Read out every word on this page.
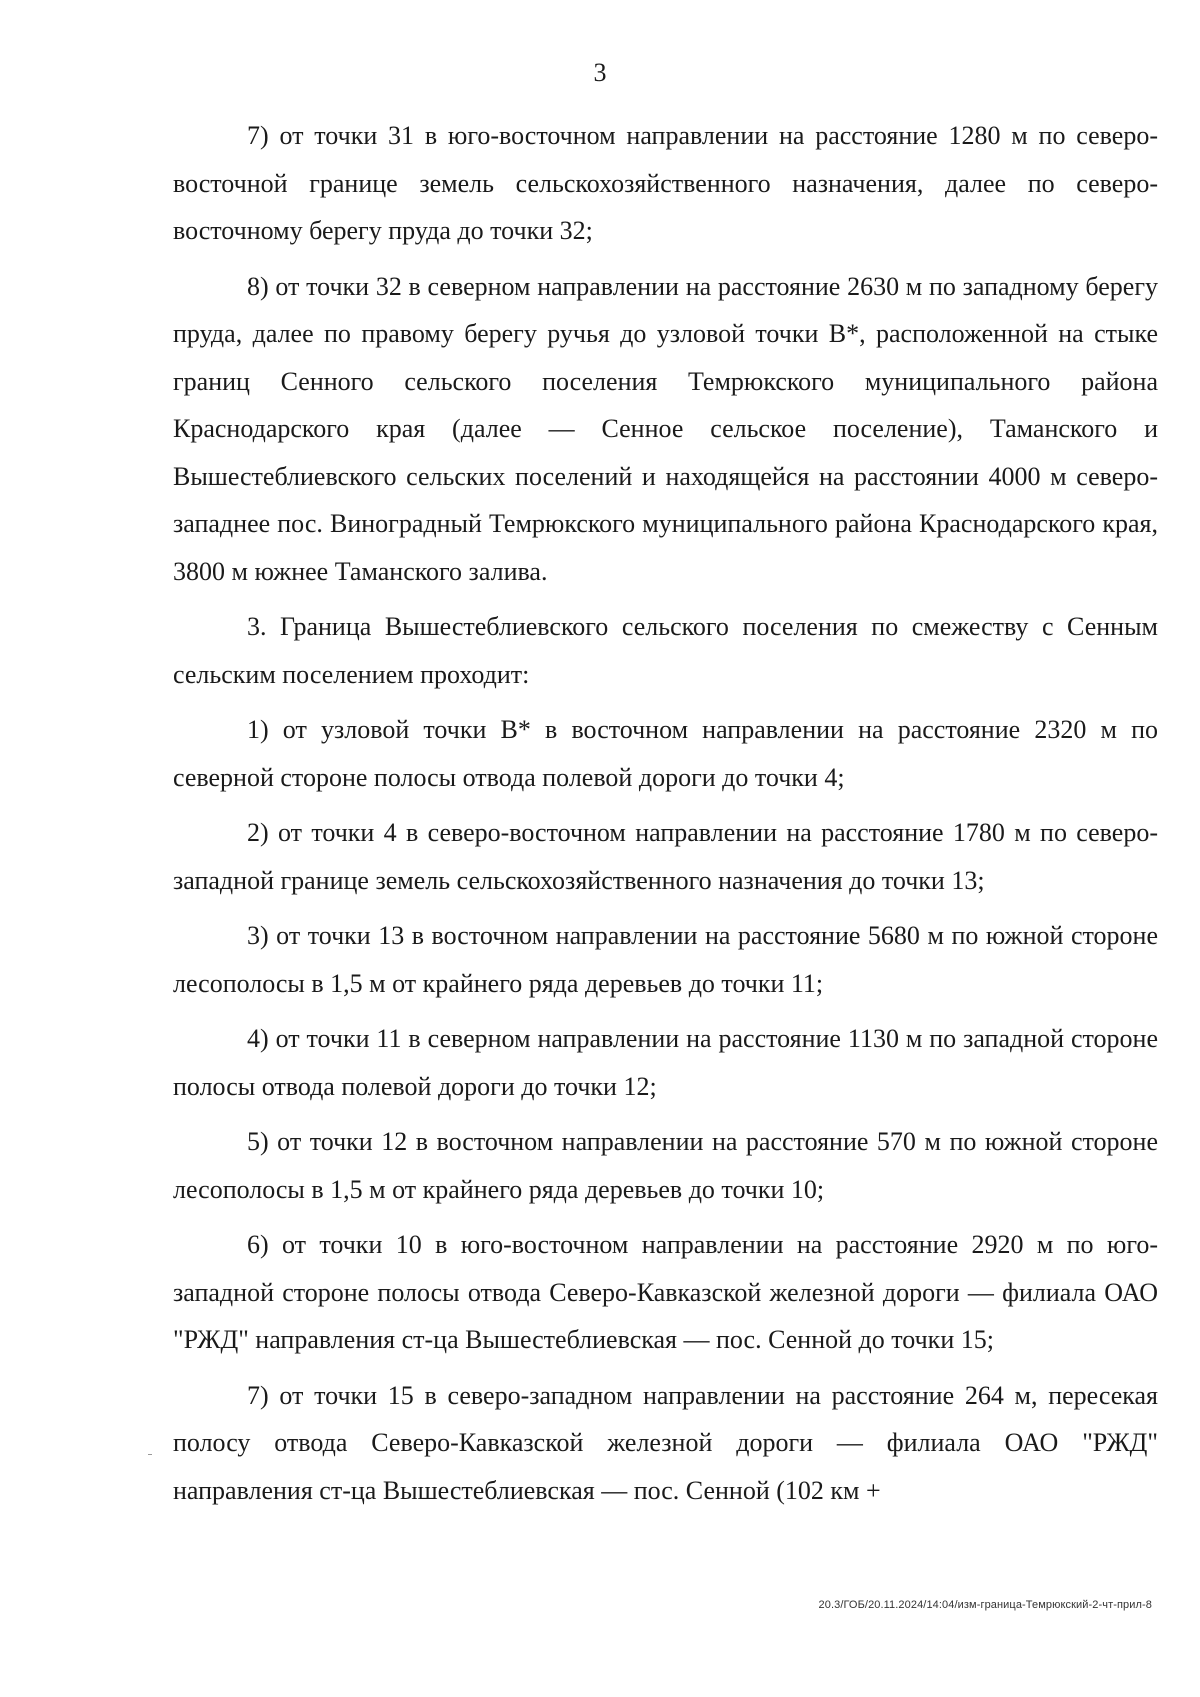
3

7) от точки 31 в юго-восточном направлении на расстояние 1280 м по северо-восточной границе земель сельскохозяйственного назначения, далее по северо-восточному берегу пруда до точки 32;

8) от точки 32 в северном направлении на расстояние 2630 м по западному берегу пруда, далее по правому берегу ручья до узловой точки В*, расположенной на стыке границ Сенного сельского поселения Темрюкского муниципального района Краснодарского края (далее — Сенное сельское поселение), Таманского и Вышестеблиевского сельских поселений и находящейся на расстоянии 4000 м северо-западнее пос. Виноградный Темрюкского муниципального района Краснодарского края, 3800 м южнее Таманского залива.

3. Граница Вышестеблиевского сельского поселения по смежеству с Сенным сельским поселением проходит:

1) от узловой точки В* в восточном направлении на расстояние 2320 м по северной стороне полосы отвода полевой дороги до точки 4;

2) от точки 4 в северо-восточном направлении на расстояние 1780 м по северо-западной границе земель сельскохозяйственного назначения до точки 13;

3) от точки 13 в восточном направлении на расстояние 5680 м по южной стороне лесополосы в 1,5 м от крайнего ряда деревьев до точки 11;

4) от точки 11 в северном направлении на расстояние 1130 м по западной стороне полосы отвода полевой дороги до точки 12;

5) от точки 12 в восточном направлении на расстояние 570 м по южной стороне лесополосы в 1,5 м от крайнего ряда деревьев до точки 10;

6) от точки 10 в юго-восточном направлении на расстояние 2920 м по юго-западной стороне полосы отвода Северо-Кавказской железной дороги — филиала ОАО "РЖД" направления ст-ца Вышестеблиевская — пос. Сенной до точки 15;

7) от точки 15 в северо-западном направлении на расстояние 264 м, пересекая полосу отвода Северо-Кавказской железной дороги — филиала ОАО "РЖД" направления ст-ца Вышестеблиевская — пос. Сенной (102 км +

20.3/ГОБ/20.11.2024/14:04/изм-граница-Темрюкский-2-чт-прил-8
